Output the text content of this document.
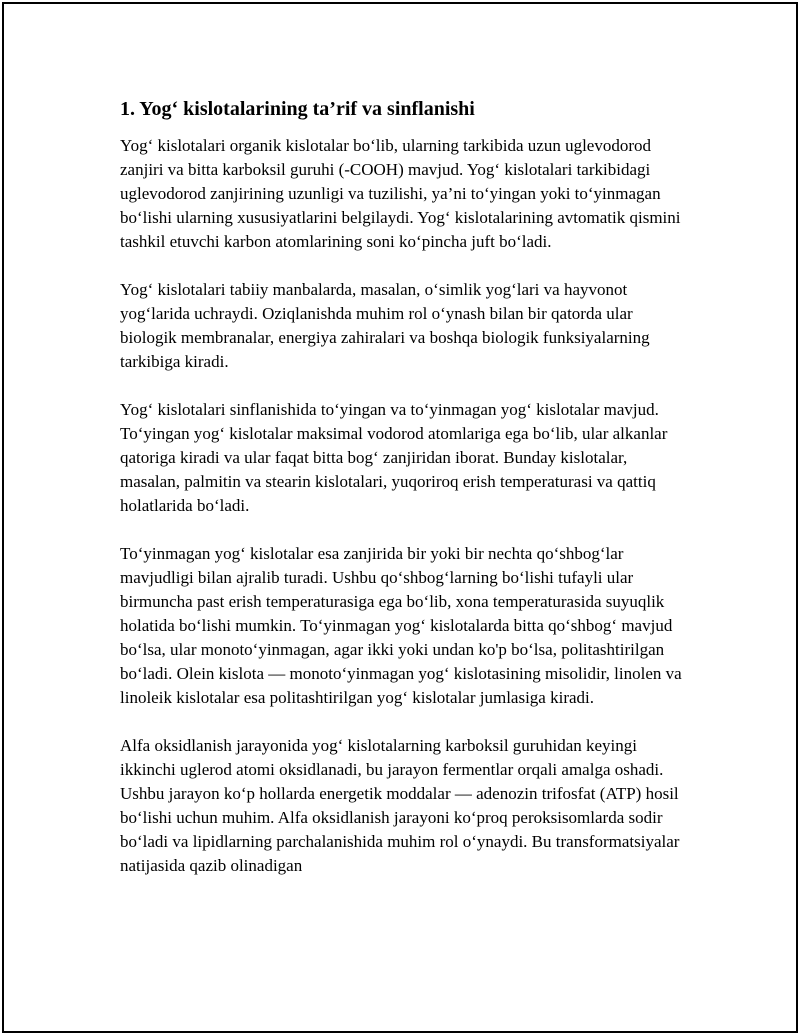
1. Yog‘ kislotalarining ta’rif va sinflanishi

Yog‘ kislotalari organik kislotalar bo‘lib, ularning tarkibida uzun uglevodorod zanjiri va bitta karboksil guruhi (-COOH) mavjud. Yog‘ kislotalari tarkibidagi uglevodorod zanjirining uzunligi va tuzilishi, ya’ni to‘yingan yoki to‘yinmagan bo‘lishi ularning xususiyatlarini belgilaydi. Yog‘ kislotalarining avtomatik qismini tashkil etuvchi karbon atomlarining soni ko‘pincha juft bo‘ladi.

Yog‘ kislotalari tabiiy manbalarda, masalan, o‘simlik yog‘lari va hayvonot yog‘larida uchraydi. Oziqlanishda muhim rol o‘ynash bilan bir qatorda ular biologik membranalar, energiya zahiralari va boshqa biologik funksiyalarning tarkibiga kiradi.

Yog‘ kislotalari sinflanishida to‘yingan va to‘yinmagan yog‘ kislotalar mavjud. To‘yingan yog‘ kislotalar maksimal vodorod atomlariga ega bo‘lib, ular alkanlar qatoriga kiradi va ular faqat bitta bog‘ zanjiridan iborat. Bunday kislotalar, masalan, palmitin va stearin kislotalari, yuqoriroq erish temperaturasi va qattiq holatlarida bo‘ladi.

To‘yinmagan yog‘ kislotalar esa zanjirida bir yoki bir nechta qo‘shbog‘lar mavjudligi bilan ajralib turadi. Ushbu qo‘shbog‘larning bo‘lishi tufayli ular birmuncha past erish temperaturasiga ega bo‘lib, xona temperaturasida suyuqlik holatida bo‘lishi mumkin. To‘yinmagan yog‘ kislotalarda bitta qo‘shbog‘ mavjud bo‘lsa, ular monoto‘yinmagan, agar ikki yoki undan ko'p bo‘lsa, politashtirilgan bo‘ladi. Olein kislota — monoto‘yinmagan yog‘ kislotasining misolidir, linolen va linoleik kislotalar esa politashtirilgan yog‘ kislotalar jumlasiga kiradi.

Alfa oksidlanish jarayonida yog‘ kislotalarning karboksil guruhidan keyingi ikkinchi uglerod atomi oksidlanadi, bu jarayon fermentlar orqali amalga oshadi. Ushbu jarayon ko‘p hollarda energetik moddalar — adenozin trifosfat (ATP) hosil bo‘lishi uchun muhim. Alfa oksidlanish jarayoni ko‘proq peroksisomlarda sodir bo‘ladi va lipidlarning parchalanishida muhim rol o‘ynaydi. Bu transformatsiyalar natijasida qazib olinadigan
